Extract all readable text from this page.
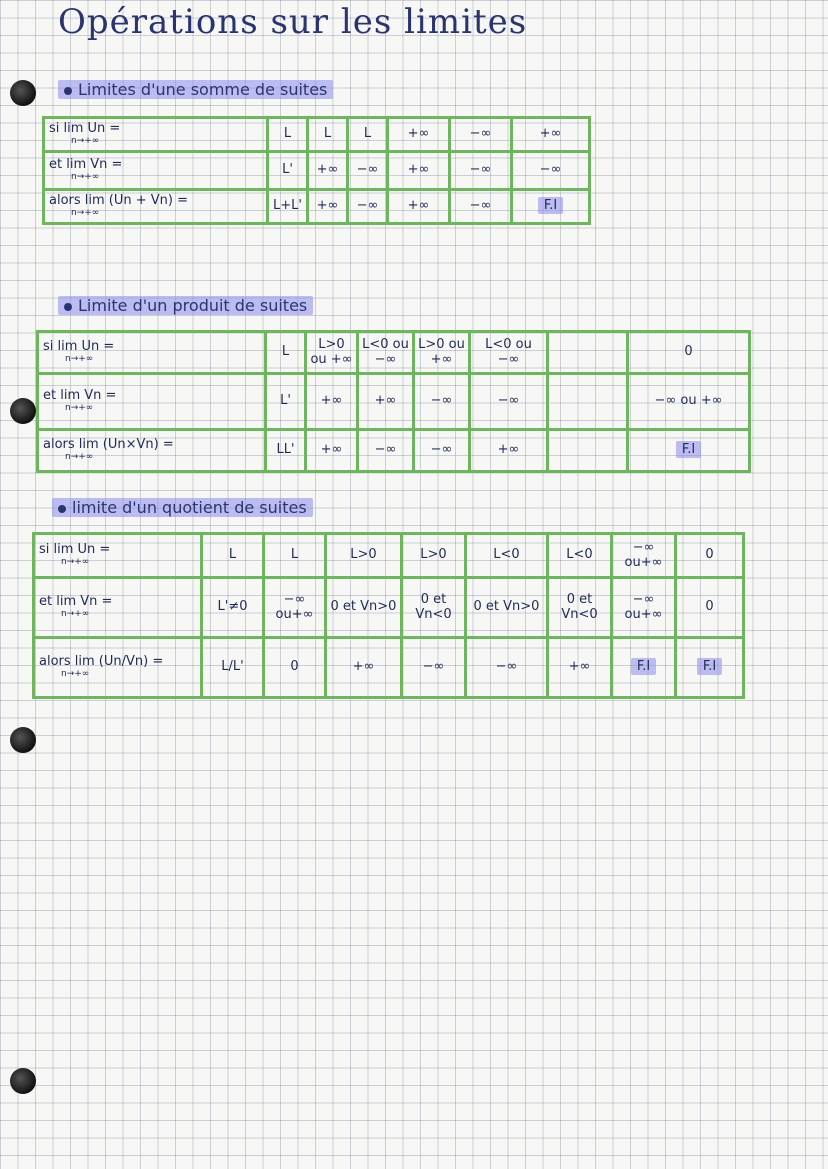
Opérations sur les limites
Limites d'une somme de suites
si lim Un =
n→+∞	L	L	L	+∞	−∞	+∞
et lim Vn =
n→+∞	L'	+∞	−∞	+∞	−∞	−∞
alors lim (Un + Vn) =
n→+∞	L+L'	+∞	−∞	+∞	−∞	F.I
Limite d'un produit de suites
si lim Un =
n→+∞	L	L>0 ou +∞	L<0 ou −∞	L>0 ou +∞	L<0 ou −∞		0
et lim Vn =
n→+∞	L'	+∞	+∞	−∞	−∞		−∞ ou +∞
alors lim (Un×Vn) =
n→+∞	LL'	+∞	−∞	−∞	+∞		F.I
limite d'un quotient de suites
si lim Un =
n→+∞	L	L	L>0	L>0	L<0	L<0	−∞ ou+∞	0
et lim Vn =
n→+∞	L'≠0	−∞ ou+∞	0 et Vn>0	0 et Vn<0	0 et Vn>0	0 et Vn<0	−∞ ou+∞	0
alors lim (Un/Vn) =
n→+∞	L/L'	0	+∞	−∞	−∞	+∞	F.I	F.I
